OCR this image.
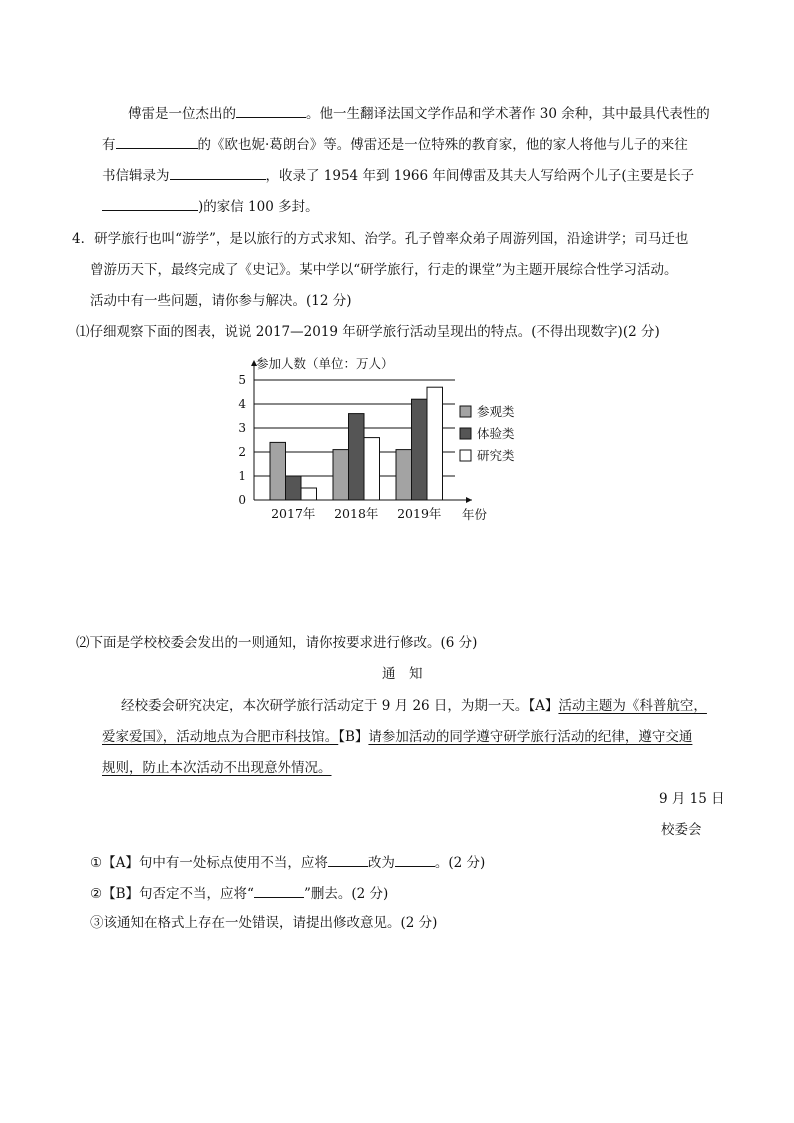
傅雷是一位杰出的	。他一生翻译法国文学作品和学术著作 30 余种，其中最具代表性的
有	的《欧也妮·葛朗台》等。傅雷还是一位特殊的教育家，他的家人将他与儿子的来往
书信辑录为	，收录了 1954 年到 1966 年间傅雷及其夫人写给两个儿子(主要是长子
)的家信 100 多封。
4．研学旅行也叫“游学”，是以旅行的方式求知、治学。孔子曾率众弟子周游列国，沿途讲学；司马迁也
曾游历天下，最终完成了《史记》。某中学以“研学旅行，行走的课堂”为主题开展综合性学习活动。
活动中有一些问题，请你参与解决。(12 分)
⑴仔细观察下面的图表，说说 2017—2019 年研学旅行活动呈现出的特点。(不得出现数字)(2 分)
0
1
2
3
4
5
2017年 2018年 2019年
参观类
体验类
研究类
参加人数（单位：万人）
年份
⑵下面是学校校委会发出的一则通知，请你按要求进行修改。(6 分)
通　知
经校委会研究决定，本次研学旅行活动定于 9 月 26 日，为期一天。【A】活动主题为《科普航空，
爱家爱国》，活动地点为合肥市科技馆。【B】请参加活动的同学遵守研学旅行活动的纪律，遵守交通
规则，防止本次活动不出现意外情况。
9 月 15 日
校委会
①【A】句中有一处标点使用不当，应将	改为	。(2 分)
②【B】句否定不当，应将“	”删去。(2 分)
③该通知在格式上存在一处错误，请提出修改意见。(2 分)
